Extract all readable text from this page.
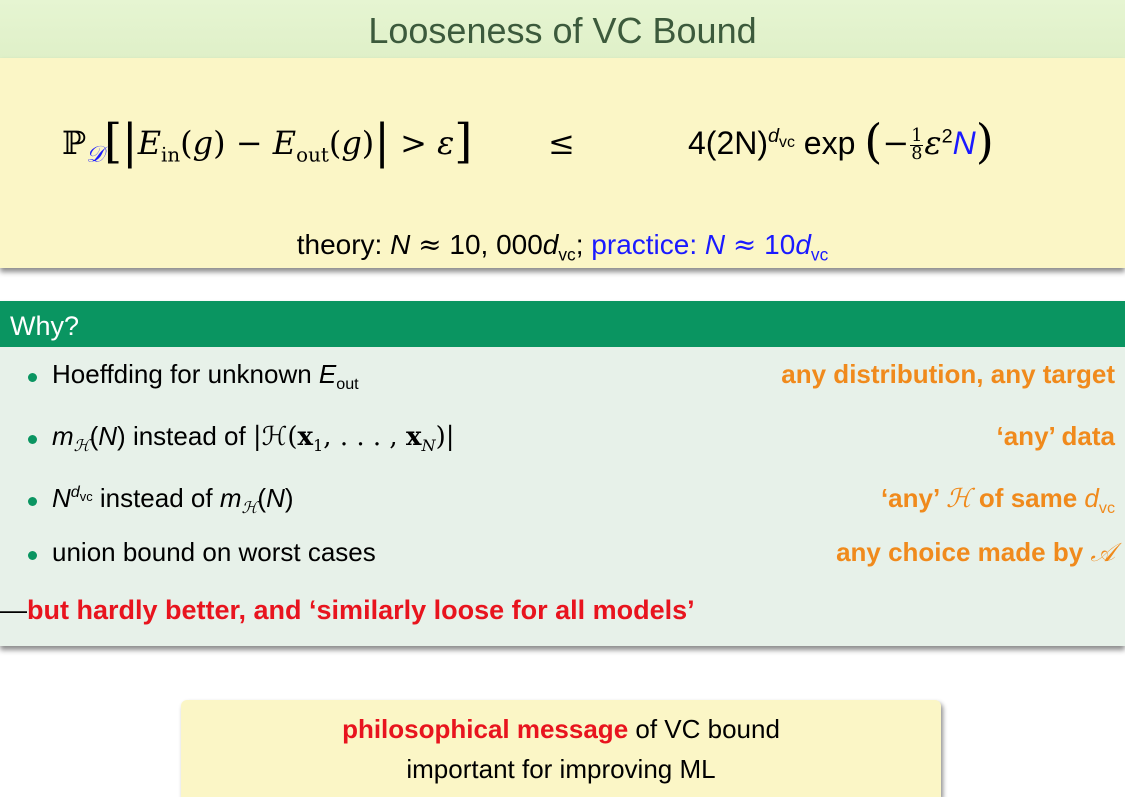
Looseness of VC Bound
$ℙ_𝒟[|E_{in}(g) - E_{out}(g)| > \varepsilon]$ ≤	$4(2N)^{d_{vc}}$ exp (− $\frac{1}{8} \varepsilon^2N$)
theory: N ≈ 10, $000d_{vc}$; practice: $N \approx 10d_{vc}$
Why?
Hoeffding for unknown $E_{out}$	any distribution, any target
$m_ℋ(N)$ instead of $|ℋ(x_1$, . . . , $x_N)|$	‘any’ data
$N^{d_{vc}}$ instead of $m_ℋ(N)$	‘any’ ℋ of same $d_{vc}$
union bound on worst cases	any choice made by 𝒜
—but hardly better, and ‘similarly loose for all models’
philosophical message of VC bound
important for improving ML
